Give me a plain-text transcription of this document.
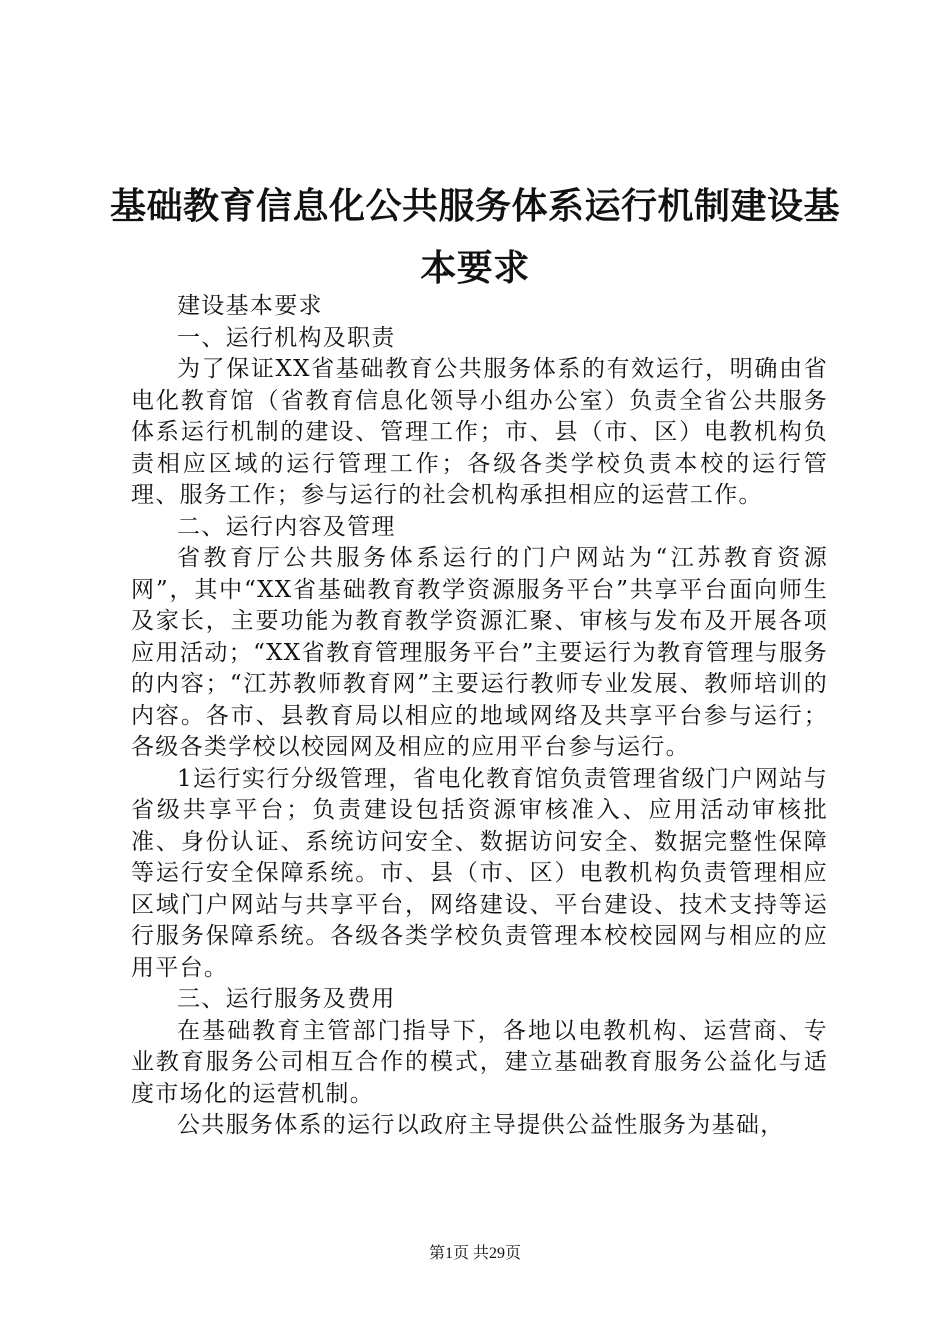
基础教育信息化公共服务体系运行机制建设基本要求

建设基本要求

一、运行机构及职责

为了保证XX省基础教育公共服务体系的有效运行，明确由省电化教育馆（省教育信息化领导小组办公室）负责全省公共服务体系运行机制的建设、管理工作；市、县（市、区）电教机构负责相应区域的运行管理工作；各级各类学校负责本校的运行管理、服务工作；参与运行的社会机构承担相应的运营工作。

二、运行内容及管理

省教育厅公共服务体系运行的门户网站为“江苏教育资源网”，其中“XX省基础教育教学资源服务平台”共享平台面向师生及家长，主要功能为教育教学资源汇聚、审核与发布及开展各项应用活动；“XX省教育管理服务平台”主要运行为教育管理与服务的内容；“江苏教师教育网”主要运行教师专业发展、教师培训的内容。各市、县教育局以相应的地域网络及共享平台参与运行；各级各类学校以校园网及相应的应用平台参与运行。

1运行实行分级管理，省电化教育馆负责管理省级门户网站与省级共享平台；负责建设包括资源审核准入、应用活动审核批准、身份认证、系统访问安全、数据访问安全、数据完整性保障等运行安全保障系统。市、县（市、区）电教机构负责管理相应区域门户网站与共享平台，网络建设、平台建设、技术支持等运行服务保障系统。各级各类学校负责管理本校校园网与相应的应用平台。

三、运行服务及费用

在基础教育主管部门指导下，各地以电教机构、运营商、专业教育服务公司相互合作的模式，建立基础教育服务公益化与适度市场化的运营机制。

公共服务体系的运行以政府主导提供公益性服务为基础，

第1页 共29页
